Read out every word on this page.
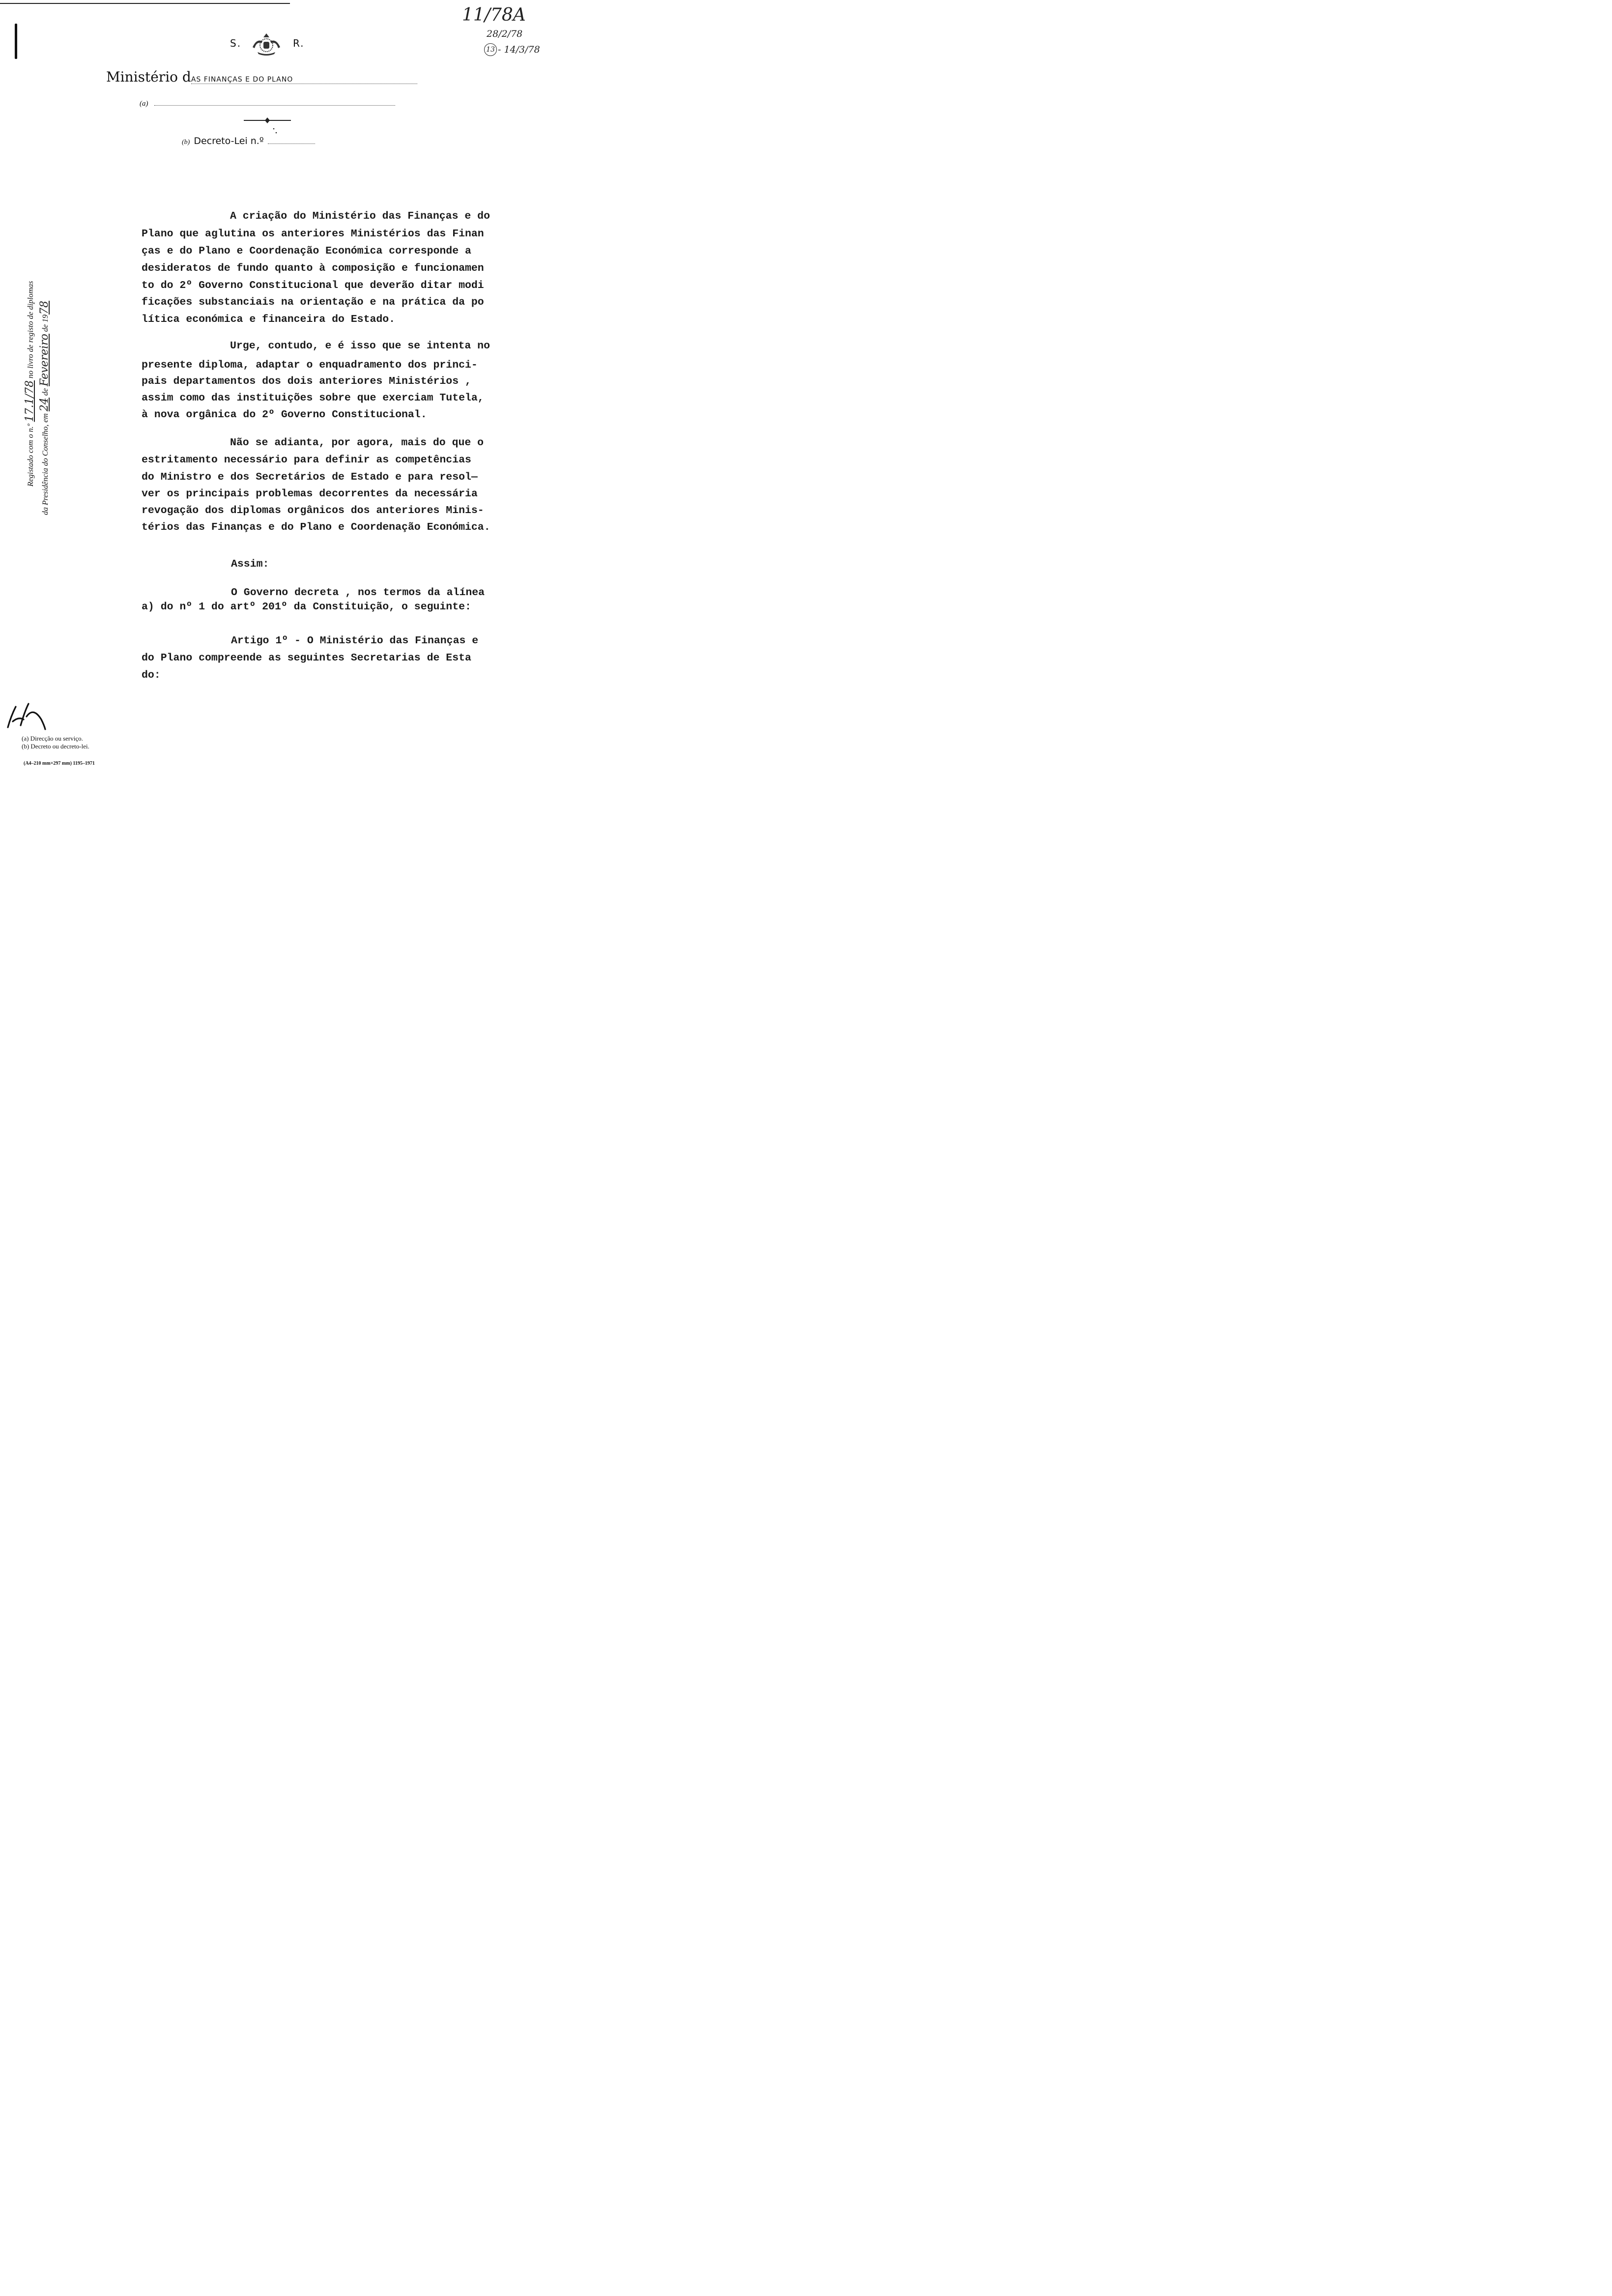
11/78A
28/2/78
13 - 14/3/78
S.	R.
Ministério d AS FINANÇAS E DO PLANO
(a)
(b) Decreto-Lei n.º
Registado com o n.º 17.1/78 no livro de registo de diplomas
da Presidência do Conselho, em 24 de Fevereiro de 1978
A criação do Ministério das Finanças e do
Plano que aglutina os anteriores Ministérios das Finan
ças e do Plano e Coordenação Económica corresponde a
desideratos de fundo quanto à composição e funcionamen
to do 2º Governo Constitucional que deverão ditar modi
ficações substanciais na orientação e na prática da po
lítica económica e financeira do Estado.
Urge, contudo, e é isso que se intenta no
presente diploma, adaptar o enquadramento dos princi-
pais departamentos dos dois anteriores Ministérios ,
assim como das instituições sobre que exerciam Tutela,
à nova orgânica do 2º Governo Constitucional.
Não se adianta, por agora, mais do que o
estritamento necessário para definir as competências
do Ministro e dos Secretários de Estado e para resol—
ver os principais problemas decorrentes da necessária
revogação dos diplomas orgânicos dos anteriores Minis-
térios das Finanças e do Plano e Coordenação Económica.
Assim:
O Governo decreta , nos termos da alínea
a) do nº 1 do artº 201º da Constituição, o seguinte:
Artigo 1º - O Ministério das Finanças e
do Plano compreende as seguintes Secretarias de Esta
do:
(a) Direcção ou serviço.
(b) Decreto ou decreto-lei.
(A4–210 mm×297 mm) 1195–1971
